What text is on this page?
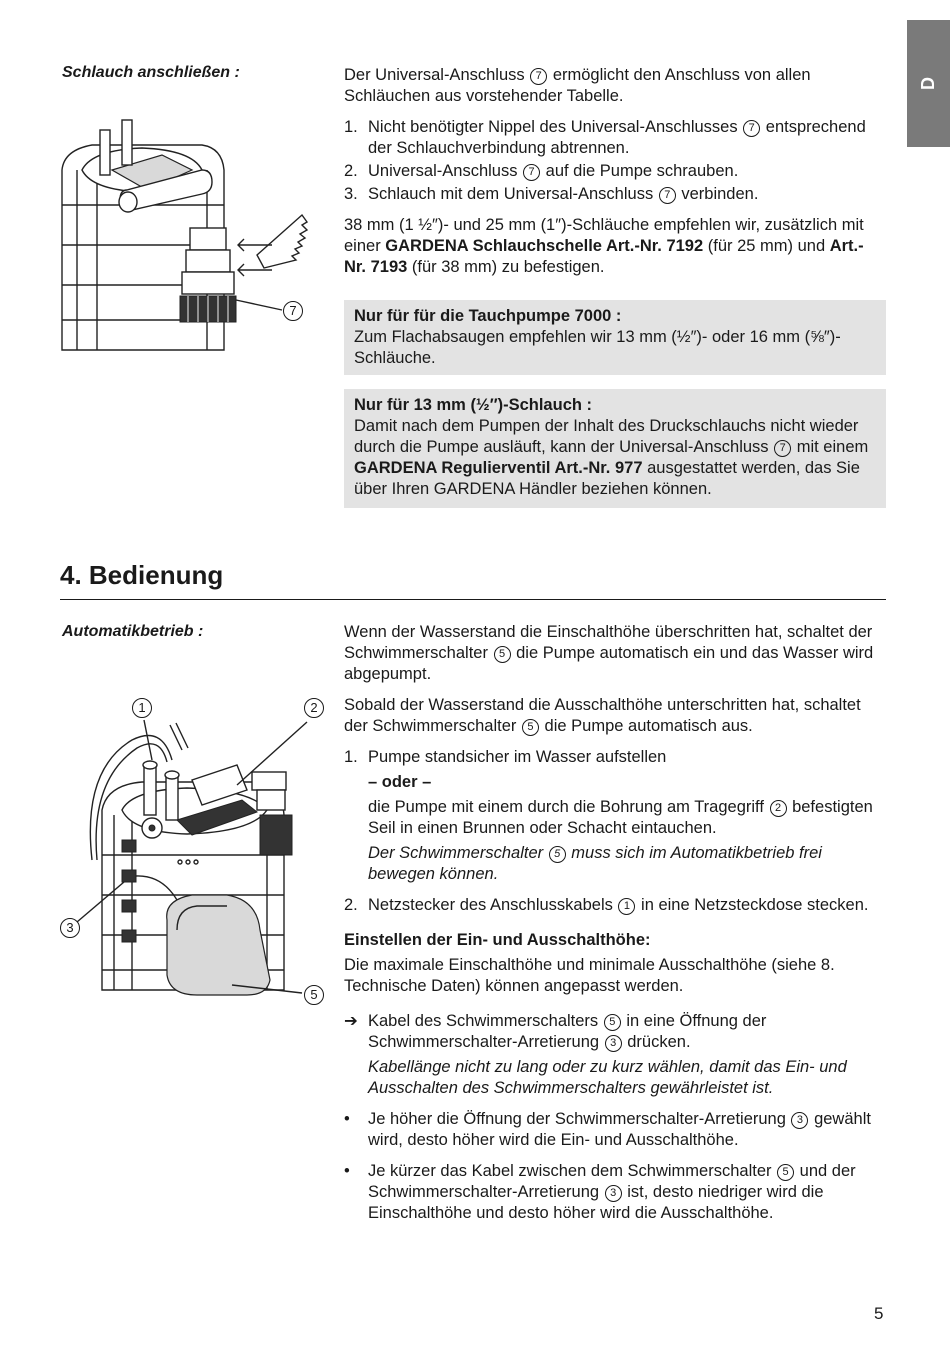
D
Schlauch anschließen :
7

Der Universal-Anschluss 7 ermöglicht den Anschluss von allen Schläuchen aus vorstehender Tabelle.

1. Nicht benötigter Nippel des Universal-Anschlusses 7 entsprechend der Schlauchverbindung abtrennen.
2. Universal-Anschluss 7 auf die Pumpe schrauben.
3. Schlauch mit dem Universal-Anschluss 7 verbinden.

38 mm (1 ½″)- und 25 mm (1″)-Schläuche empfehlen wir, zusätzlich mit einer GARDENA Schlauchschelle Art.-Nr. 7192 (für 25 mm) und Art.-Nr. 7193 (für 38 mm) zu befestigen.

Nur für für die Tauchpumpe 7000 :
Zum Flachabsaugen empfehlen wir 13 mm (½″)- oder 16 mm (⅝″)-Schläuche.
Nur für 13 mm (½″)-Schlauch :
Damit nach dem Pumpen der Inhalt des Druckschlauchs nicht wieder durch die Pumpe ausläuft, kann der Universal-Anschluss 7 mit einem GARDENA Regulierventil Art.-Nr. 977 ausgestattet werden, das Sie über Ihren GARDENA Händler beziehen können.
4. Bedienung
Automatikbetrieb :
1	2
3
5

Wenn der Wasserstand die Einschalthöhe überschritten hat, schaltet der Schwimmerschalter 5 die Pumpe automatisch ein und das Wasser wird abgepumpt.

Sobald der Wasserstand die Ausschalthöhe unterschritten hat, schaltet der Schwimmerschalter 5 die Pumpe automatisch aus.

1. Pumpe standsicher im Wasser aufstellen
– oder –
die Pumpe mit einem durch die Bohrung am Tragegriff 2 befestigten Seil in einen Brunnen oder Schacht eintauchen.
Der Schwimmerschalter 5 muss sich im Automatikbetrieb frei bewegen können.
2. Netzstecker des Anschlusskabels 1 in eine Netzsteckdose stecken.
Einstellen der Ein- und Ausschalthöhe:

Die maximale Einschalthöhe und minimale Ausschalthöhe (siehe 8. Technische Daten) können angepasst werden.

➔ Kabel des Schwimmerschalters 5 in eine Öffnung der Schwimmerschalter-Arretierung 3 drücken.
Kabellänge nicht zu lang oder zu kurz wählen, damit das Ein- und Ausschalten des Schwimmerschalters gewährleistet ist.
• Je höher die Öffnung der Schwimmerschalter-Arretierung 3 gewählt wird, desto höher wird die Ein- und Ausschalthöhe.
• Je kürzer das Kabel zwischen dem Schwimmerschalter 5 und der Schwimmerschalter-Arretierung 3 ist, desto niedriger wird die Einschalthöhe und desto höher wird die Ausschalthöhe.
5
